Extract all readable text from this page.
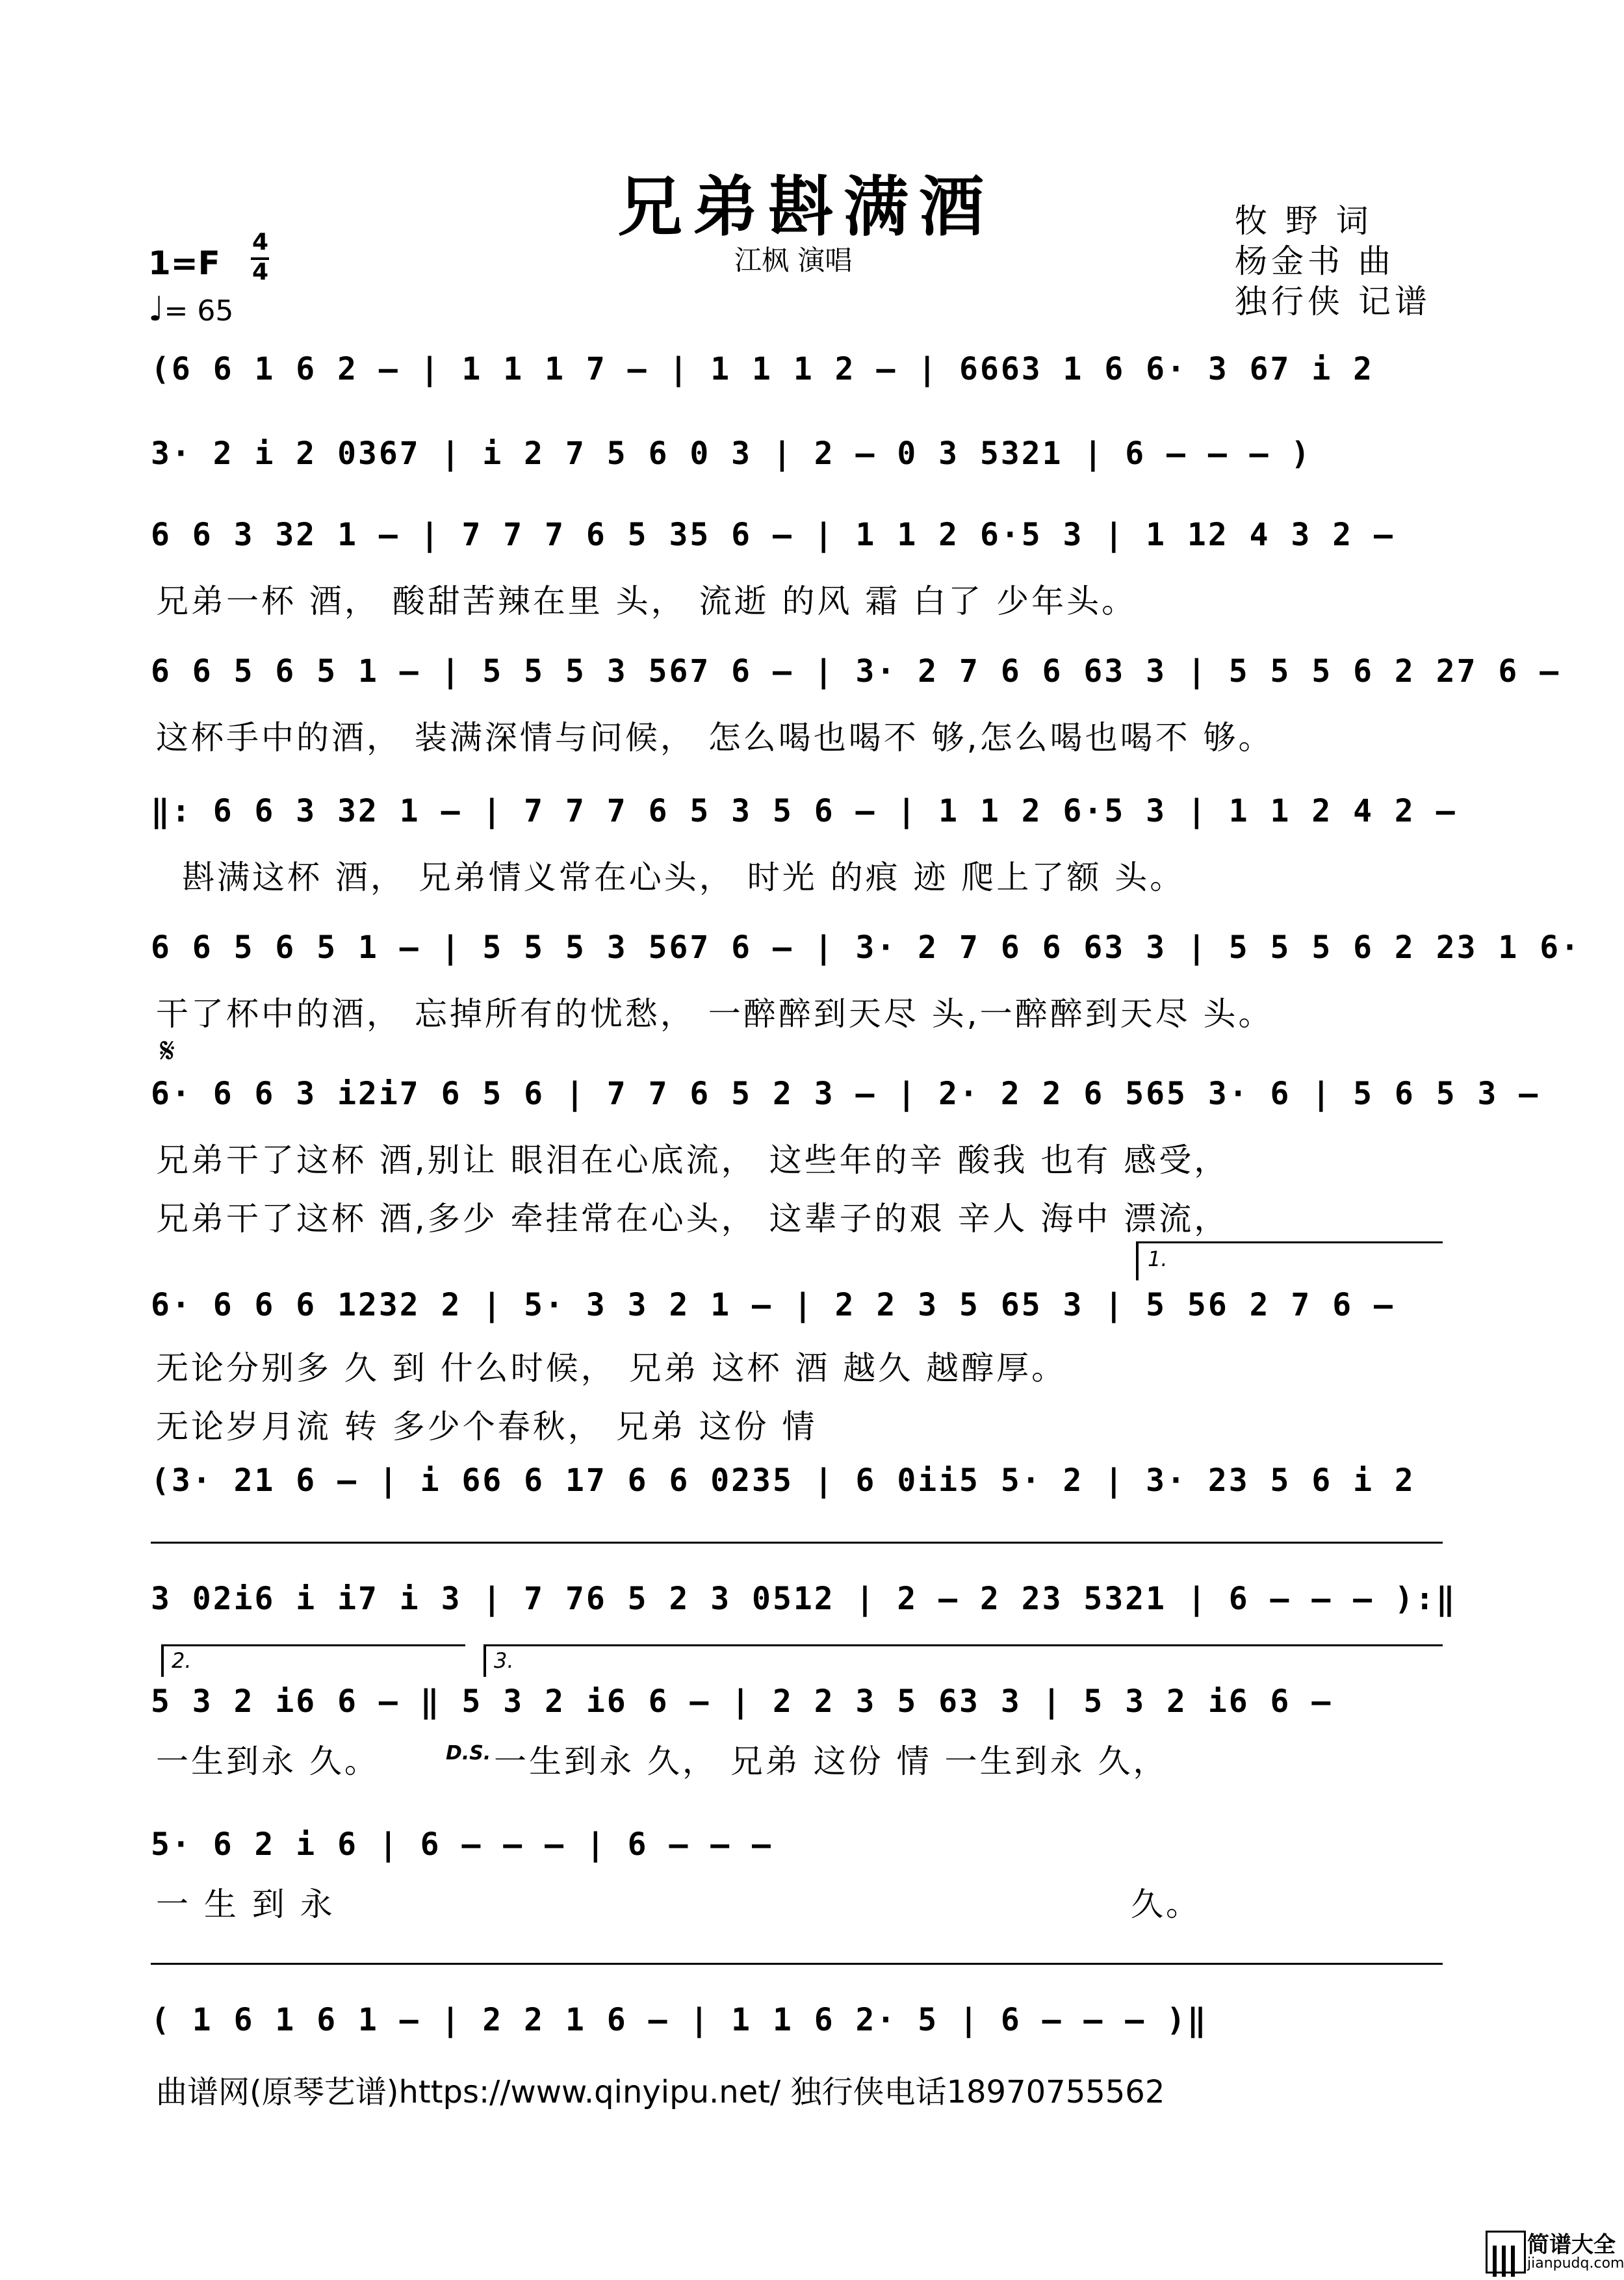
兄弟斟满酒
江枫 演唱
牧 野 词
杨金书 曲
独行侠 记谱
1=F
4
4
♩= 65
(6 6 1 6 2 – | 1 1 1 7 – | 1 1 1 2 – | 6663 1 6 6· 3 67 i 2
3· 2 i 2 0367 | i 2 7 5 6 0 3 | 2 – 0 3 5321 | 6 – – – )
6 6 3 32 1 – | 7 7 7 6 5 35 6 – | 1 1 2 6·5 3 | 1 12 4 3 2 –
兄弟一杯 酒， 酸甜苦辣在里 头， 流逝 的风 霜 白了 少年头。
6 6 5 6 5 1 – | 5 5 5 3 567 6 – | 3· 2 7 6 6 63 3 | 5 5 5 6 2 27 6 –
这杯手中的酒， 装满深情与问候， 怎么喝也喝不 够,怎么喝也喝不 够。
‖: 6 6 3 32 1 – | 7 7 7 6 5 3 5 6 – | 1 1 2 6·5 3 | 1 1 2 4 2 –
斟满这杯 酒， 兄弟情义常在心头， 时光 的痕 迹 爬上了额 头。
6 6 5 6 5 1 – | 5 5 5 3 567 6 – | 3· 2 7 6 6 63 3 | 5 5 5 6 2 23 1 6·
干了杯中的酒， 忘掉所有的忧愁， 一醉醉到天尽 头,一醉醉到天尽 头。
𝄋
6· 6 6 3 i2i7 6 5 6 | 7 7 6 5 2 3 – | 2· 2 2 6 565 3· 6 | 5 6 5 3 –
兄弟干了这杯 酒,别让 眼泪在心底流， 这些年的辛 酸我 也有 感受，
兄弟干了这杯 酒,多少 牵挂常在心头， 这辈子的艰 辛人 海中 漂流，
1.
6· 6 6 6 1232 2 | 5· 3 3 2 1 – | 2 2 3 5 65 3 | 5 56 2 7 6 –
无论分别多 久 到 什么时候， 兄弟 这杯 酒 越久 越醇厚。
无论岁月流 转 多少个春秋， 兄弟 这份 情
(3· 21 6 – | i 66 6 17 6 6 0235 | 6 0ii5 5· 2 | 3· 23 5 6 i 2
3 02i6 i i7 i 3 | 7 76 5 2 3 0512 | 2 – 2 23 5321 | 6 – – – ):‖
2.	3.
5 3 2 i6 6 – ‖ 5 3 2 i6 6 – | 2 2 3 5 63 3 | 5 3 2 i6 6 –
一生到永 久。	D.S. 一生到永 久， 兄弟 这份 情 一生到永 久，
5· 6 2 i 6 | 6 – – – | 6 – – –
一 生 到 永	久。
( 1 6 1 6 1 – | 2 2 1 6 – | 1 1 6 2· 5 | 6 – – – )‖
曲谱网(原琴艺谱)https://www.qinyipu.net/ 独行侠电话18970755562
简谱大全
jianpudq.com
